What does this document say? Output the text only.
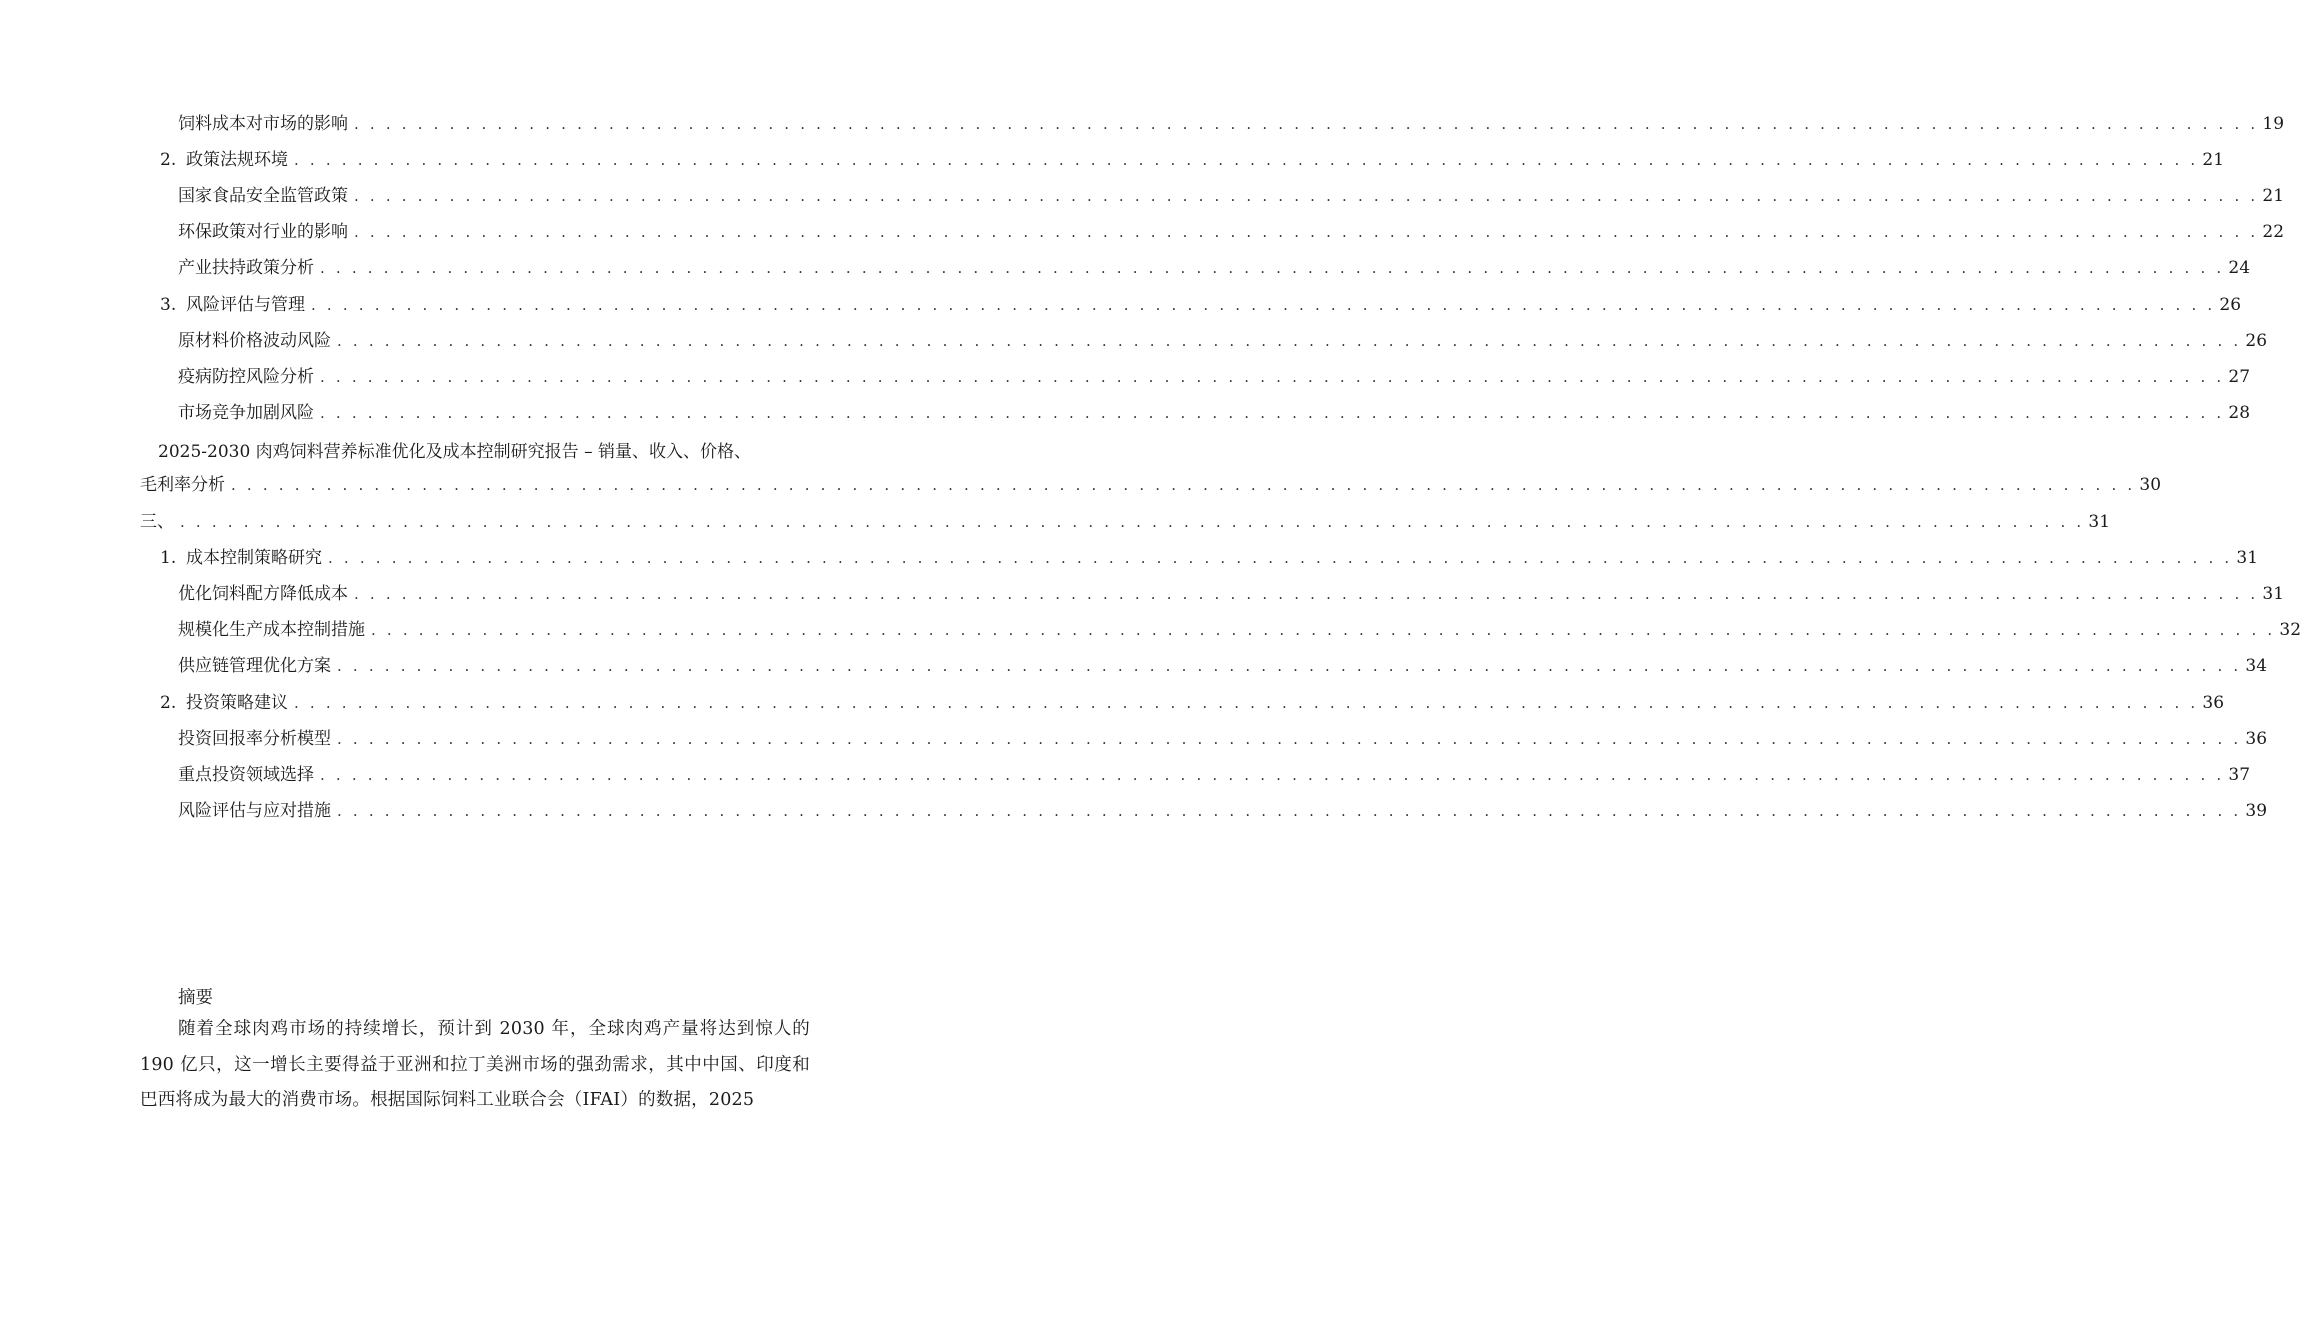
饲料成本对市场的影响 . . . . . . . . . . . . . . . . . . . . . . . . . . . . . . . . . . . . . . . . . . . . . . . . . . . . . . . . . . . . . . . . . . . . . . . . . . . . . . . . . . . . . . . . . . . . . . . . . . . . . . . . . . . . . . . . . . . . . . . . 19
2. 政策法规环境 . . . . . . . . . . . . . . . . . . . . . . . . . . . . . . . . . . . . . . . . . . . . . . . . . . . . . . . . . . . . . . . . . . . . . . . . . . . . . . . . . . . . . . . . . . . . . . . . . . . . . . . . . . . . . . . . . . . . . . . . 21
国家食品安全监管政策 . . . . . . . . . . . . . . . . . . . . . . . . . . . . . . . . . . . . . . . . . . . . . . . . . . . . . . . . . . . . . . . . . . . . . . . . . . . . . . . . . . . . . . . . . . . . . . . . . . . . . . . . . . . . . . . . . . . . . . . . 21
环保政策对行业的影响 . . . . . . . . . . . . . . . . . . . . . . . . . . . . . . . . . . . . . . . . . . . . . . . . . . . . . . . . . . . . . . . . . . . . . . . . . . . . . . . . . . . . . . . . . . . . . . . . . . . . . . . . . . . . . . . . . . . . . . . . 22
产业扶持政策分析 . . . . . . . . . . . . . . . . . . . . . . . . . . . . . . . . . . . . . . . . . . . . . . . . . . . . . . . . . . . . . . . . . . . . . . . . . . . . . . . . . . . . . . . . . . . . . . . . . . . . . . . . . . . . . . . . . . . . . . . . 24
3. 风险评估与管理 . . . . . . . . . . . . . . . . . . . . . . . . . . . . . . . . . . . . . . . . . . . . . . . . . . . . . . . . . . . . . . . . . . . . . . . . . . . . . . . . . . . . . . . . . . . . . . . . . . . . . . . . . . . . . . . . . . . . . . . . 26
原材料价格波动风险 . . . . . . . . . . . . . . . . . . . . . . . . . . . . . . . . . . . . . . . . . . . . . . . . . . . . . . . . . . . . . . . . . . . . . . . . . . . . . . . . . . . . . . . . . . . . . . . . . . . . . . . . . . . . . . . . . . . . . . . . 26
疫病防控风险分析 . . . . . . . . . . . . . . . . . . . . . . . . . . . . . . . . . . . . . . . . . . . . . . . . . . . . . . . . . . . . . . . . . . . . . . . . . . . . . . . . . . . . . . . . . . . . . . . . . . . . . . . . . . . . . . . . . . . . . . . . 27
市场竞争加剧风险 . . . . . . . . . . . . . . . . . . . . . . . . . . . . . . . . . . . . . . . . . . . . . . . . . . . . . . . . . . . . . . . . . . . . . . . . . . . . . . . . . . . . . . . . . . . . . . . . . . . . . . . . . . . . . . . . . . . . . . . . 28
2025-2030 肉鸡饲料营养标准优化及成本控制研究报告 – 销量、收入、价格、
毛利率分析 . . . . . . . . . . . . . . . . . . . . . . . . . . . . . . . . . . . . . . . . . . . . . . . . . . . . . . . . . . . . . . . . . . . . . . . . . . . . . . . . . . . . . . . . . . . . . . . . . . . . . . . . . . . . . . . . . . . . . . . . 30
三、 . . . . . . . . . . . . . . . . . . . . . . . . . . . . . . . . . . . . . . . . . . . . . . . . . . . . . . . . . . . . . . . . . . . . . . . . . . . . . . . . . . . . . . . . . . . . . . . . . . . . . . . . . . . . . . . . . . . . . . . . 31
1. 成本控制策略研究 . . . . . . . . . . . . . . . . . . . . . . . . . . . . . . . . . . . . . . . . . . . . . . . . . . . . . . . . . . . . . . . . . . . . . . . . . . . . . . . . . . . . . . . . . . . . . . . . . . . . . . . . . . . . . . . . . . . . . . . . 31
优化饲料配方降低成本 . . . . . . . . . . . . . . . . . . . . . . . . . . . . . . . . . . . . . . . . . . . . . . . . . . . . . . . . . . . . . . . . . . . . . . . . . . . . . . . . . . . . . . . . . . . . . . . . . . . . . . . . . . . . . . . . . . . . . . . . 31
规模化生产成本控制措施 . . . . . . . . . . . . . . . . . . . . . . . . . . . . . . . . . . . . . . . . . . . . . . . . . . . . . . . . . . . . . . . . . . . . . . . . . . . . . . . . . . . . . . . . . . . . . . . . . . . . . . . . . . . . . . . . . . . . . . . . 32
供应链管理优化方案 . . . . . . . . . . . . . . . . . . . . . . . . . . . . . . . . . . . . . . . . . . . . . . . . . . . . . . . . . . . . . . . . . . . . . . . . . . . . . . . . . . . . . . . . . . . . . . . . . . . . . . . . . . . . . . . . . . . . . . . . 34
2. 投资策略建议 . . . . . . . . . . . . . . . . . . . . . . . . . . . . . . . . . . . . . . . . . . . . . . . . . . . . . . . . . . . . . . . . . . . . . . . . . . . . . . . . . . . . . . . . . . . . . . . . . . . . . . . . . . . . . . . . . . . . . . . . 36
投资回报率分析模型 . . . . . . . . . . . . . . . . . . . . . . . . . . . . . . . . . . . . . . . . . . . . . . . . . . . . . . . . . . . . . . . . . . . . . . . . . . . . . . . . . . . . . . . . . . . . . . . . . . . . . . . . . . . . . . . . . . . . . . . . 36
重点投资领域选择 . . . . . . . . . . . . . . . . . . . . . . . . . . . . . . . . . . . . . . . . . . . . . . . . . . . . . . . . . . . . . . . . . . . . . . . . . . . . . . . . . . . . . . . . . . . . . . . . . . . . . . . . . . . . . . . . . . . . . . . . 37
风险评估与应对措施 . . . . . . . . . . . . . . . . . . . . . . . . . . . . . . . . . . . . . . . . . . . . . . . . . . . . . . . . . . . . . . . . . . . . . . . . . . . . . . . . . . . . . . . . . . . . . . . . . . . . . . . . . . . . . . . . . . . . . . . . 39
摘要

随着全球肉鸡市场的持续增长，预计到 2030 年，全球肉鸡产量将达到惊人的 190 亿只，这一增长主要得益于亚洲和拉丁美洲市场的强劲需求，其中中国、印度和巴西将成为最大的消费市场。根据国际饲料工业联合会（IFAI）的数据，2025
